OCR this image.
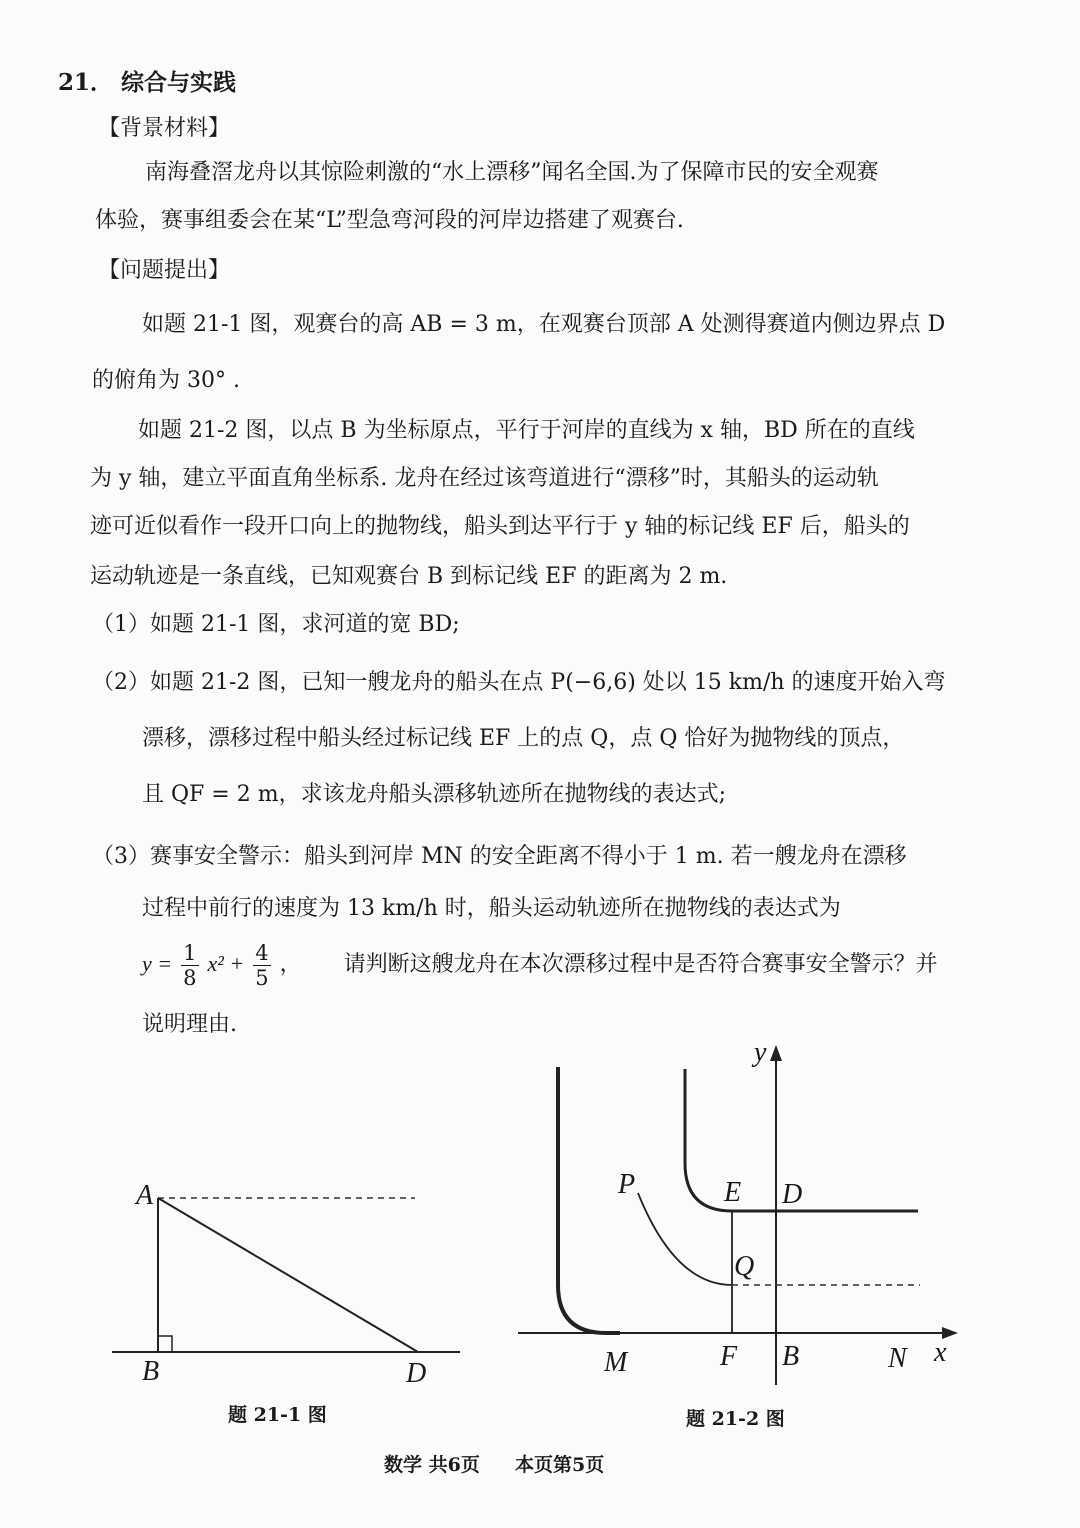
21． 综合与实践
【背景材料】
南海叠滘龙舟以其惊险刺激的“水上漂移”闻名全国.为了保障市民的安全观赛
体验，赛事组委会在某“L”型急弯河段的河岸边搭建了观赛台.
【问题提出】
如题 21-1 图，观赛台的高 AB = 3 m，在观赛台顶部 A 处测得赛道内侧边界点 D
的俯角为 30° .
如题 21-2 图，以点 B 为坐标原点，平行于河岸的直线为 x 轴，BD 所在的直线
为 y 轴，建立平面直角坐标系. 龙舟在经过该弯道进行“漂移”时，其船头的运动轨
迹可近似看作一段开口向上的抛物线，船头到达平行于 y 轴的标记线 EF 后，船头的
运动轨迹是一条直线，已知观赛台 B 到标记线 EF 的距离为 2 m.
（1）如题 21-1 图，求河道的宽 BD;
（2）如题 21-2 图，已知一艘龙舟的船头在点 P(−6,6) 处以 15 km/h 的速度开始入弯
漂移，漂移过程中船头经过标记线 EF 上的点 Q，点 Q 恰好为抛物线的顶点，
且 QF = 2 m，求该龙舟船头漂移轨迹所在抛物线的表达式;
（3）赛事安全警示：船头到河岸 MN 的安全距离不得小于 1 m. 若一艘龙舟在漂移
过程中前行的速度为 13 km/h 时，船头运动轨迹所在抛物线的表达式为
$y = \frac{1}{8} x^2 + \frac{4}{5}$ ， 请判断这艘龙舟在本次漂移过程中是否符合赛事安全警示？并
说明理由.
A
B	D
题 21-1 图
y
x
P	E D
Q
M	F B	N
题 21-2 图
数学 共6页 本页第5页
